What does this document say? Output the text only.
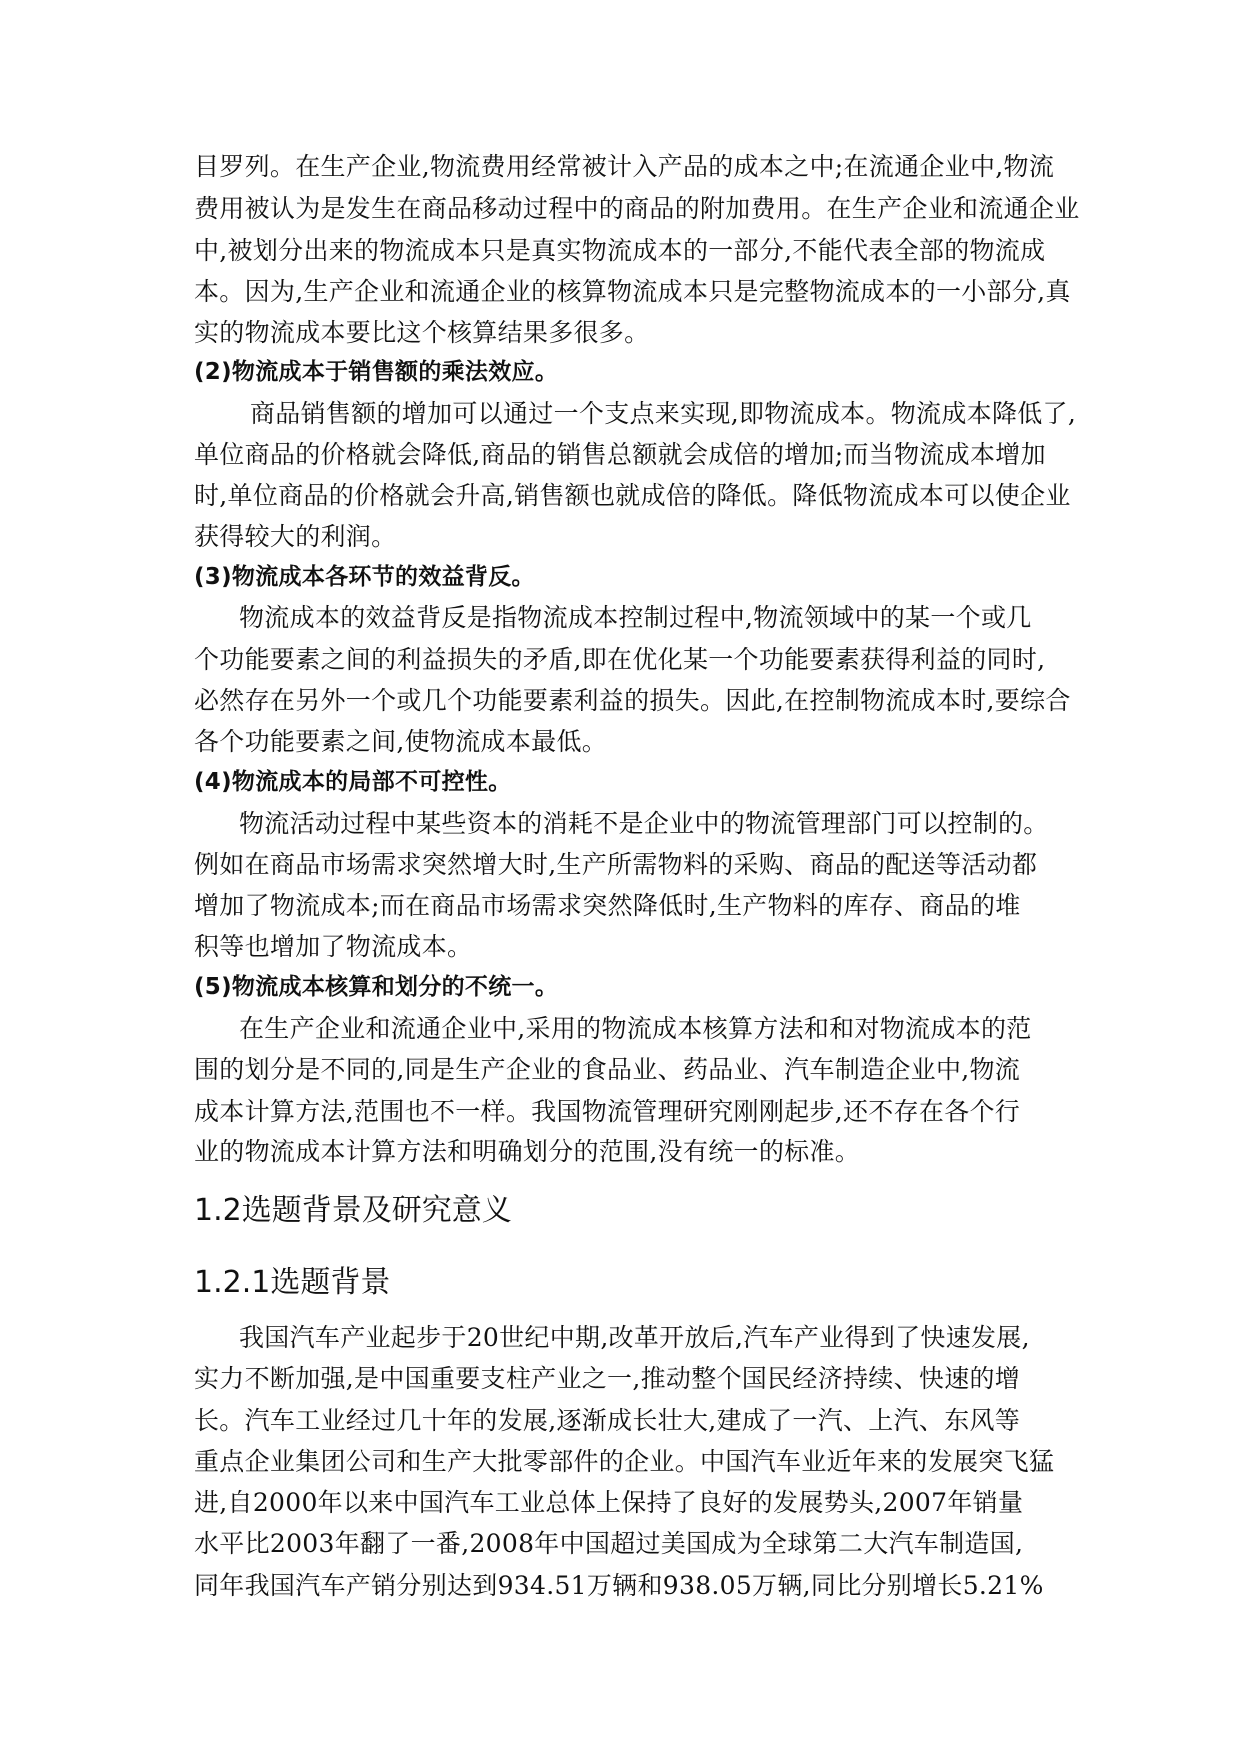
目罗列。在生产企业,物流费用经常被计入产品的成本之中;在流通企业中,物流
费用被认为是发生在商品移动过程中的商品的附加费用。在生产企业和流通企业
中,被划分出来的物流成本只是真实物流成本的一部分,不能代表全部的物流成
本。因为,生产企业和流通企业的核算物流成本只是完整物流成本的一小部分,真
实的物流成本要比这个核算结果多很多。
(2)物流成本于销售额的乘法效应。
商品销售额的增加可以通过一个支点来实现,即物流成本。物流成本降低了,
单位商品的价格就会降低,商品的销售总额就会成倍的增加;而当物流成本增加
时,单位商品的价格就会升高,销售额也就成倍的降低。降低物流成本可以使企业
获得较大的利润。
(3)物流成本各环节的效益背反。
物流成本的效益背反是指物流成本控制过程中,物流领域中的某一个或几
个功能要素之间的利益损失的矛盾,即在优化某一个功能要素获得利益的同时,
必然存在另外一个或几个功能要素利益的损失。因此,在控制物流成本时,要综合
各个功能要素之间,使物流成本最低。
(4)物流成本的局部不可控性。
物流活动过程中某些资本的消耗不是企业中的物流管理部门可以控制的。
例如在商品市场需求突然增大时,生产所需物料的采购、商品的配送等活动都
增加了物流成本;而在商品市场需求突然降低时,生产物料的库存、商品的堆
积等也增加了物流成本。
(5)物流成本核算和划分的不统一。
在生产企业和流通企业中,采用的物流成本核算方法和和对物流成本的范
围的划分是不同的,同是生产企业的食品业、药品业、汽车制造企业中,物流
成本计算方法,范围也不一样。我国物流管理研究刚刚起步,还不存在各个行
业的物流成本计算方法和明确划分的范围,没有统一的标准。
1.2选题背景及研究意义
1.2.1选题背景
我国汽车产业起步于20世纪中期,改革开放后,汽车产业得到了快速发展,
实力不断加强,是中国重要支柱产业之一,推动整个国民经济持续、快速的增
长。汽车工业经过几十年的发展,逐渐成长壮大,建成了一汽、上汽、东风等
重点企业集团公司和生产大批零部件的企业。中国汽车业近年来的发展突飞猛
进,自2000年以来中国汽车工业总体上保持了良好的发展势头,2007年销量
水平比2003年翻了一番,2008年中国超过美国成为全球第二大汽车制造国,
同年我国汽车产销分别达到934.51万辆和938.05万辆,同比分别增长5.21%
